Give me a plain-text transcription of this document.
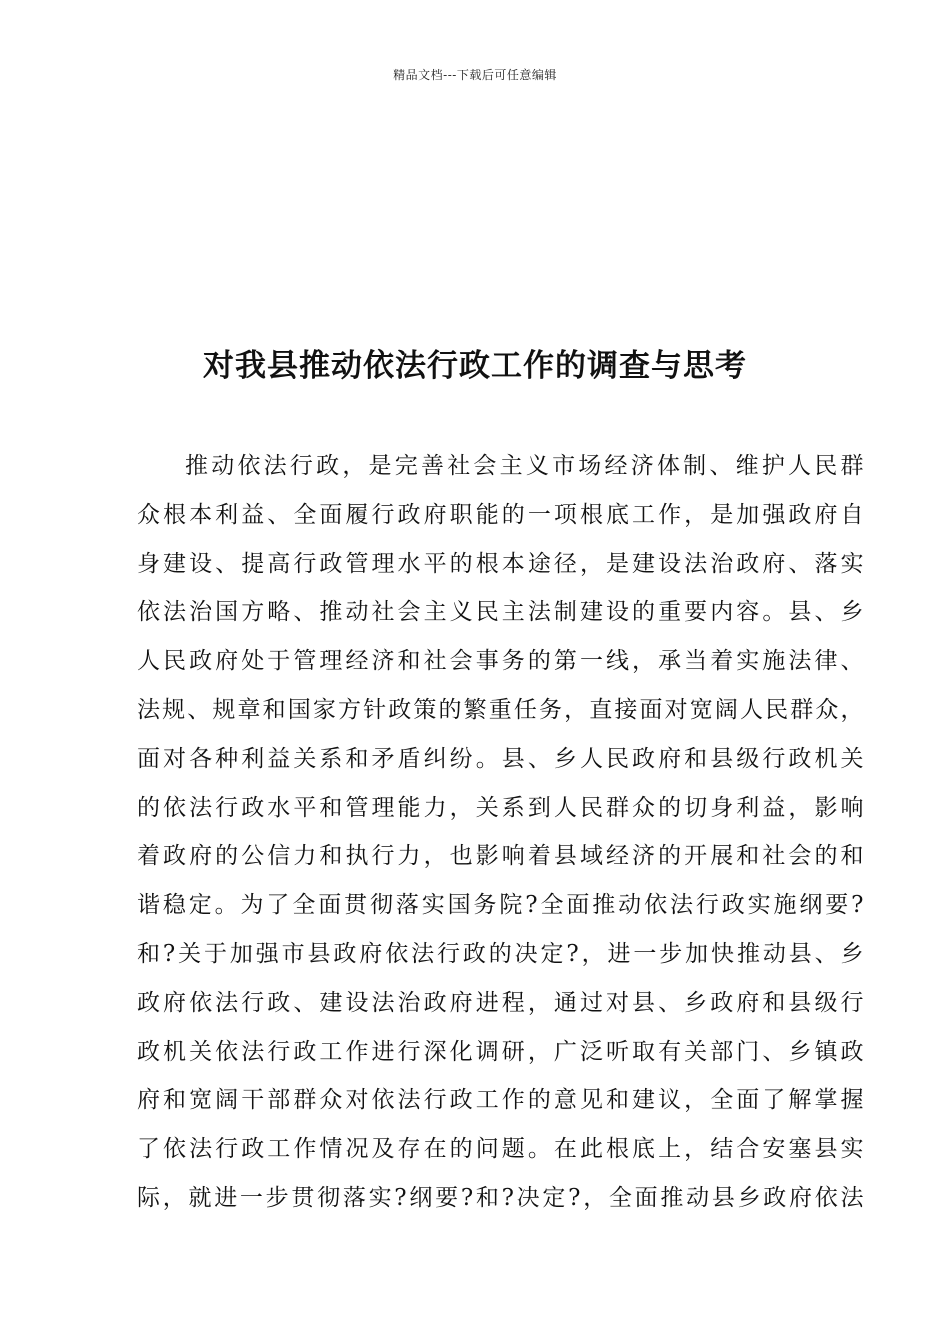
精品文档---下载后可任意编辑
对我县推动依法行政工作的调查与思考
推动依法行政，是完善社会主义市场经济体制、维护人民群
众根本利益、全面履行政府职能的一项根底工作，是加强政府自
身建设、提高行政管理水平的根本途径，是建设法治政府、落实
依法治国方略、推动社会主义民主法制建设的重要内容。县、乡
人民政府处于管理经济和社会事务的第一线，承当着实施法律、
法规、规章和国家方针政策的繁重任务，直接面对宽阔人民群众，
面对各种利益关系和矛盾纠纷。县、乡人民政府和县级行政机关
的依法行政水平和管理能力，关系到人民群众的切身利益，影响
着政府的公信力和执行力，也影响着县域经济的开展和社会的和
谐稳定。为了全面贯彻落实国务院?全面推动依法行政实施纲要?
和?关于加强市县政府依法行政的决定?，进一步加快推动县、乡
政府依法行政、建设法治政府进程，通过对县、乡政府和县级行
政机关依法行政工作进行深化调研，广泛听取有关部门、乡镇政
府和宽阔干部群众对依法行政工作的意见和建议，全面了解掌握
了依法行政工作情况及存在的问题。在此根底上，结合安塞县实
际，就进一步贯彻落实?纲要?和?决定?，全面推动县乡政府依法
